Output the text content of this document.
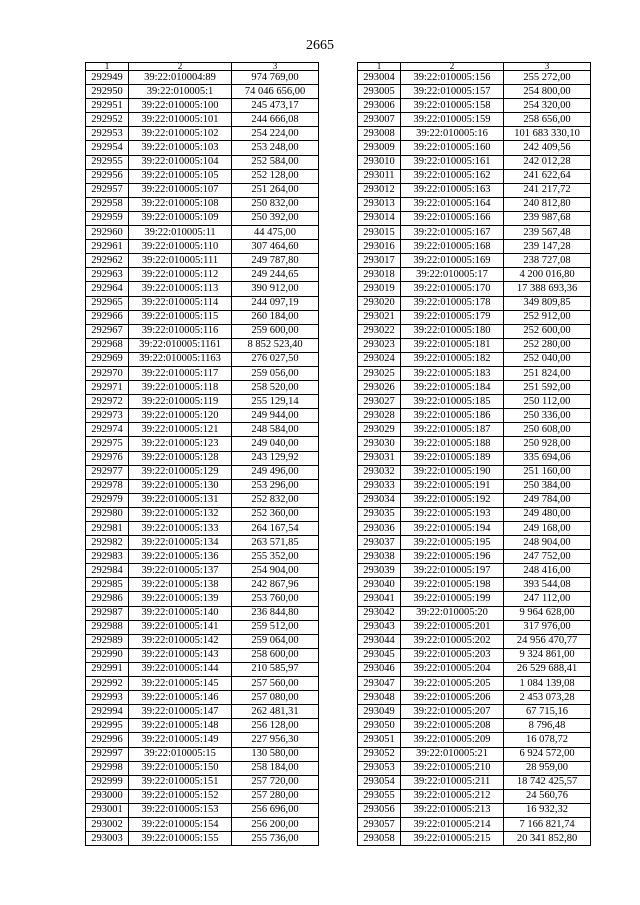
2665
1	2	3
292949	39:22:010004:89	974 769,00
292950	39:22:010005:1	74 046 656,00
292951	39:22:010005:100	245 473,17
292952	39:22:010005:101	244 666,08
292953	39:22:010005:102	254 224,00
292954	39:22:010005:103	253 248,00
292955	39:22:010005:104	252 584,00
292956	39:22:010005:105	252 128,00
292957	39:22:010005:107	251 264,00
292958	39:22:010005:108	250 832,00
292959	39:22:010005:109	250 392,00
292960	39:22:010005:11	44 475,00
292961	39:22:010005:110	307 464,60
292962	39:22:010005:111	249 787,80
292963	39:22:010005:112	249 244,65
292964	39:22:010005:113	390 912,00
292965	39:22:010005:114	244 097,19
292966	39:22:010005:115	260 184,00
292967	39:22:010005:116	259 600,00
292968	39:22:010005:1161	8 852 523,40
292969	39:22:010005:1163	276 027,50
292970	39:22:010005:117	259 056,00
292971	39:22:010005:118	258 520,00
292972	39:22:010005:119	255 129,14
292973	39:22:010005:120	249 944,00
292974	39:22:010005:121	248 584,00
292975	39:22:010005:123	249 040,00
292976	39:22:010005:128	243 129,92
292977	39:22:010005:129	249 496,00
292978	39:22:010005:130	253 296,00
292979	39:22:010005:131	252 832,00
292980	39:22:010005:132	252 360,00
292981	39:22:010005:133	264 167,54
292982	39:22:010005:134	263 571,85
292983	39:22:010005:136	255 352,00
292984	39:22:010005:137	254 904,00
292985	39:22:010005:138	242 867,96
292986	39:22:010005:139	253 760,00
292987	39:22:010005:140	236 844,80
292988	39:22:010005:141	259 512,00
292989	39:22:010005:142	259 064,00
292990	39:22:010005:143	258 600,00
292991	39:22:010005:144	210 585,97
292992	39:22:010005:145	257 560,00
292993	39:22:010005:146	257 080,00
292994	39:22:010005:147	262 481,31
292995	39:22:010005:148	256 128,00
292996	39:22:010005:149	227 956,30
292997	39:22:010005:15	130 580,00
292998	39:22:010005:150	258 184,00
292999	39:22:010005:151	257 720,00
293000	39:22:010005:152	257 280,00
293001	39:22:010005:153	256 696,00
293002	39:22:010005:154	256 200,00
293003	39:22:010005:155	255 736,00
1	2	3
293004	39:22:010005:156	255 272,00
293005	39:22:010005:157	254 800,00
293006	39:22:010005:158	254 320,00
293007	39:22:010005:159	258 656,00
293008	39:22:010005:16	101 683 330,10
293009	39:22:010005:160	242 409,56
293010	39:22:010005:161	242 012,28
293011	39:22:010005:162	241 622,64
293012	39:22:010005:163	241 217,72
293013	39:22:010005:164	240 812,80
293014	39:22:010005:166	239 987,68
293015	39:22:010005:167	239 567,48
293016	39:22:010005:168	239 147,28
293017	39:22:010005:169	238 727,08
293018	39:22:010005:17	4 200 016,80
293019	39:22:010005:170	17 388 693,36
293020	39:22:010005:178	349 809,85
293021	39:22:010005:179	252 912,00
293022	39:22:010005:180	252 600,00
293023	39:22:010005:181	252 280,00
293024	39:22:010005:182	252 040,00
293025	39:22:010005:183	251 824,00
293026	39:22:010005:184	251 592,00
293027	39:22:010005:185	250 112,00
293028	39:22:010005:186	250 336,00
293029	39:22:010005:187	250 608,00
293030	39:22:010005:188	250 928,00
293031	39:22:010005:189	335 694,06
293032	39:22:010005:190	251 160,00
293033	39:22:010005:191	250 384,00
293034	39:22:010005:192	249 784,00
293035	39:22:010005:193	249 480,00
293036	39:22:010005:194	249 168,00
293037	39:22:010005:195	248 904,00
293038	39:22:010005:196	247 752,00
293039	39:22:010005:197	248 416,00
293040	39:22:010005:198	393 544,08
293041	39:22:010005:199	247 112,00
293042	39:22:010005:20	9 964 628,00
293043	39:22:010005:201	317 976,00
293044	39:22:010005:202	24 956 470,77
293045	39:22:010005:203	9 324 861,00
293046	39:22:010005:204	26 529 688,41
293047	39:22:010005:205	1 084 139,08
293048	39:22:010005:206	2 453 073,28
293049	39:22:010005:207	67 715,16
293050	39:22:010005:208	8 796,48
293051	39:22:010005:209	16 078,72
293052	39:22:010005:21	6 924 572,00
293053	39:22:010005:210	28 959,00
293054	39:22:010005:211	18 742 425,57
293055	39:22:010005:212	24 560,76
293056	39:22:010005:213	16 932,32
293057	39:22:010005:214	7 166 821,74
293058	39:22:010005:215	20 341 852,80
